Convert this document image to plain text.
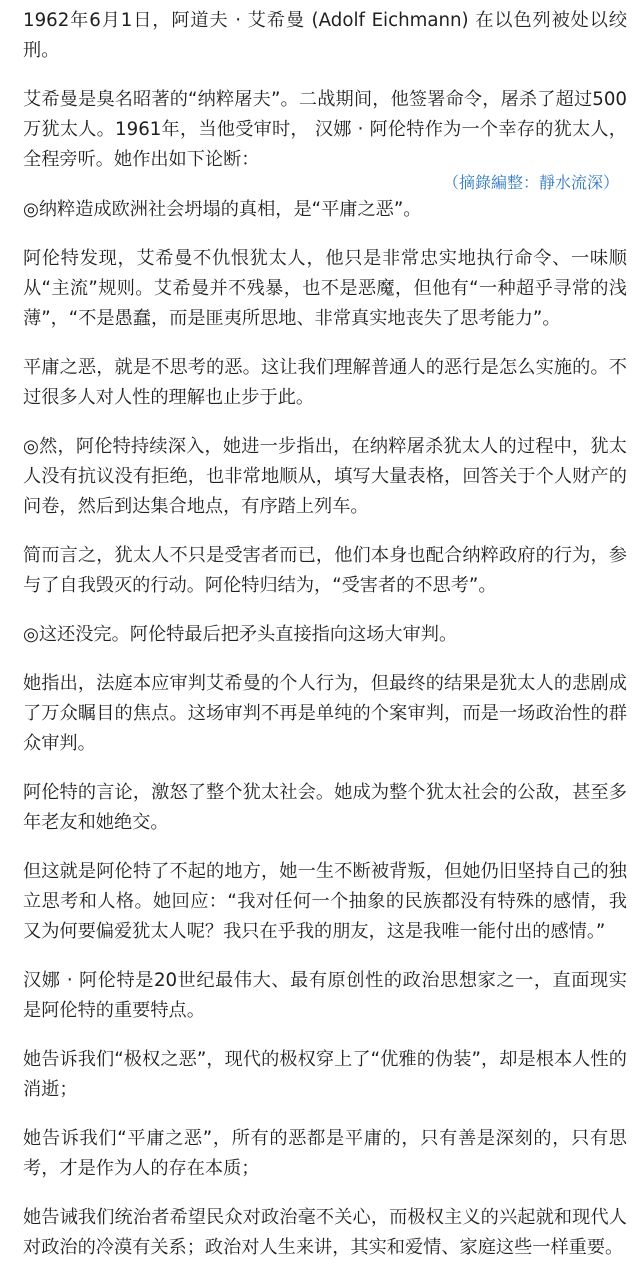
1962年6月1日，阿道夫 · 艾希曼 (Adolf Eichmann) 在以色列被处以绞刑。

艾希曼是臭名昭著的“纳粹屠夫”。二战期间，他签署命令，屠杀了超过500万犹太人。1961年，当他受审时， 汉娜 · 阿伦特作为一个幸存的犹太人，全程旁听。她作出如下论断：

（摘錄編整：靜水流深）

◎纳粹造成欧洲社会坍塌的真相，是“平庸之恶”。

阿伦特发现，艾希曼不仇恨犹太人，他只是非常忠实地执行命令、一味顺从“主流”规则。艾希曼并不残暴，也不是恶魔，但他有“一种超乎寻常的浅薄”，“不是愚蠢，而是匪夷所思地、非常真实地丧失了思考能力”。

平庸之恶，就是不思考的恶。这让我们理解普通人的恶行是怎么实施的。不过很多人对人性的理解也止步于此。

◎然，阿伦特持续深入，她进一步指出，在纳粹屠杀犹太人的过程中，犹太人没有抗议没有拒绝，也非常地顺从，填写大量表格，回答关于个人财产的问卷，然后到达集合地点，有序踏上列车。

简而言之，犹太人不只是受害者而已，他们本身也配合纳粹政府的行为，参与了自我毁灭的行动。阿伦特归结为，“受害者的不思考”。

◎这还没完。阿伦特最后把矛头直接指向这场大审判。

她指出，法庭本应审判艾希曼的个人行为，但最终的结果是犹太人的悲剧成了万众瞩目的焦点。这场审判不再是单纯的个案审判，而是一场政治性的群众审判。

阿伦特的言论，激怒了整个犹太社会。她成为整个犹太社会的公敌，甚至多年老友和她绝交。

但这就是阿伦特了不起的地方，她一生不断被背叛，但她仍旧坚持自己的独立思考和人格。她回应：“我对任何一个抽象的民族都没有特殊的感情，我又为何要偏爱犹太人呢？我只在乎我的朋友，这是我唯一能付出的感情。”

汉娜 · 阿伦特是20世纪最伟大、最有原创性的政治思想家之一，直面现实是阿伦特的重要特点。

她告诉我们“极权之恶”，现代的极权穿上了“优雅的伪装”，却是根本人性的消逝；

她告诉我们“平庸之恶”，所有的恶都是平庸的，只有善是深刻的，只有思考，才是作为人的存在本质；

她告诫我们统治者希望民众对政治毫不关心，而极权主义的兴起就和现代人对政治的冷漠有关系；政治对人生来讲，其实和爱情、家庭这些一样重要。
